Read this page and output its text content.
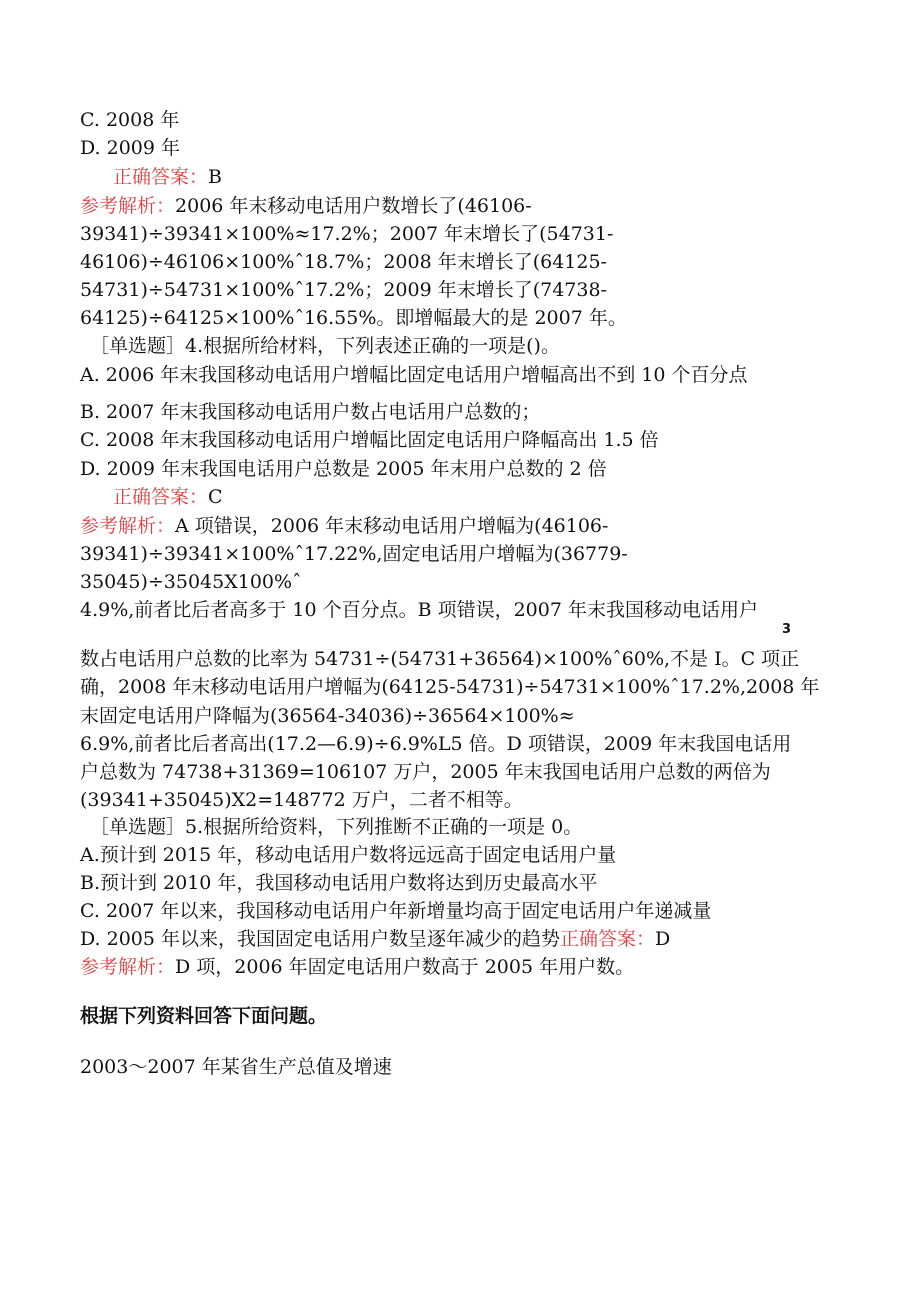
C. 2008 年

D. 2009 年

正确答案：B

参考解析：2006 年末移动电话用户数增长了(46106-

39341)÷39341×100%≈17.2%；2007 年末增长了(54731-

46106)÷46106×100%ˆ18.7%；2008 年末增长了(64125-

54731)÷54731×100%ˆ17.2%；2009 年末增长了(74738-

64125)÷64125×100%ˆ16.55%。即增幅最大的是 2007 年。

［单选题］4.根据所给材料，下列表述正确的一项是()。

A. 2006 年末我国移动电话用户增幅比固定电话用户增幅高出不到 10 个百分点

B. 2007 年末我国移动电话用户数占电话用户总数的；

C. 2008 年末我国移动电话用户增幅比固定电话用户降幅高出 1.5 倍

D. 2009 年末我国电话用户总数是 2005 年末用户总数的 2 倍

正确答案：C

参考解析：A 项错误，2006 年末移动电话用户增幅为(46106-

39341)÷39341×100%ˆ17.22%,固定电话用户增幅为(36779-

35045)÷35045X100%ˆ

4.9%,前者比后者高多于 10 个百分点。B 项错误，2007 年末我国移动电话用户

3

数占电话用户总数的比率为 54731÷(54731+36564)×100%ˆ60%,不是 I。C 项正

确，2008 年末移动电话用户增幅为(64125-54731)÷54731×100%ˆ17.2%,2008 年

末固定电话用户降幅为(36564-34036)÷36564×100%≈

6.9%,前者比后者高出(17.2—6.9)÷6.9%L5 倍。D 项错误，2009 年末我国电话用

户总数为 74738+31369=106107 万户，2005 年末我国电话用户总数的两倍为

(39341+35045)X2=148772 万户，二者不相等。

［单选题］5.根据所给资料，下列推断不正确的一项是 0。

A.预计到 2015 年，移动电话用户数将远远高于固定电话用户量

B.预计到 2010 年，我国移动电话用户数将达到历史最高水平

C. 2007 年以来，我国移动电话用户年新增量均高于固定电话用户年递减量

D. 2005 年以来，我国固定电话用户数呈逐年减少的趋势正确答案：D

参考解析：D 项，2006 年固定电话用户数高于 2005 年用户数。

根据下列资料回答下面问题。

2003～2007 年某省生产总值及增速
